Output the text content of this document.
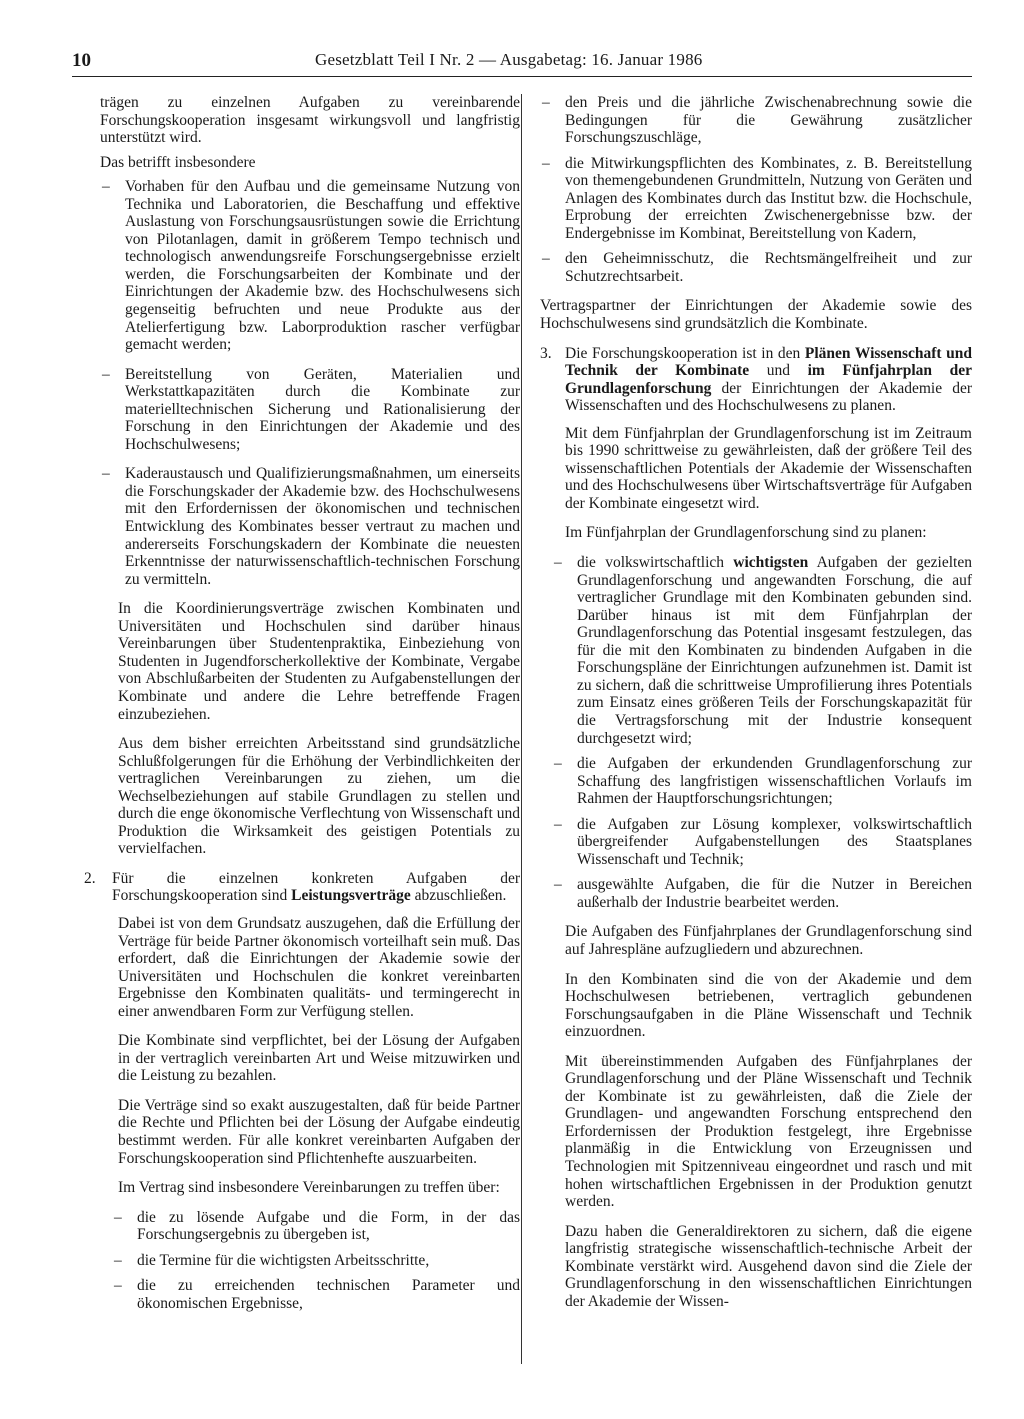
10	Gesetzblatt Teil I Nr. 2 — Ausgabetag: 16. Januar 1986

trägen zu einzelnen Aufgaben zu vereinbarende Forschungskooperation insgesamt wirkungsvoll und langfristig unterstützt wird.

Das betrifft insbesondere

– Vorhaben für den Aufbau und die gemeinsame Nutzung von Technika und Laboratorien, die Beschaffung und effektive Auslastung von Forschungsausrüstungen sowie die Errichtung von Pilotanlagen, damit in größerem Tempo technisch und technologisch anwendungsreife Forschungsergebnisse erzielt werden, die Forschungsarbeiten der Kombinate und der Einrichtungen der Akademie bzw. des Hochschulwesens sich gegenseitig befruchten und neue Produkte aus der Atelierfertigung bzw. Laborproduktion rascher verfügbar gemacht werden;
– Bereitstellung von Geräten, Materialien und Werkstattkapazitäten durch die Kombinate zur materielltechnischen Sicherung und Rationalisierung der Forschung in den Einrichtungen der Akademie und des Hochschulwesens;
– Kaderaustausch und Qualifizierungsmaßnahmen, um einerseits die Forschungskader der Akademie bzw. des Hochschulwesens mit den Erfordernissen der ökonomischen und technischen Entwicklung des Kombinates besser vertraut zu machen und andererseits Forschungskadern der Kombinate die neuesten Erkenntnisse der naturwissenschaftlich-technischen Forschung zu vermitteln.

In die Koordinierungsverträge zwischen Kombinaten und Universitäten und Hochschulen sind darüber hinaus Vereinbarungen über Studentenpraktika, Einbeziehung von Studenten in Jugendforscherkollektive der Kombinate, Vergabe von Abschlußarbeiten der Studenten zu Aufgabenstellungen der Kombinate und andere die Lehre betreffende Fragen einzubeziehen.

Aus dem bisher erreichten Arbeitsstand sind grundsätzliche Schlußfolgerungen für die Erhöhung der Verbindlichkeiten der vertraglichen Vereinbarungen zu ziehen, um die Wechselbeziehungen auf stabile Grundlagen zu stellen und durch die enge ökonomische Verflechtung von Wissenschaft und Produktion die Wirksamkeit des geistigen Potentials zu vervielfachen.

2. Für die einzelnen konkreten Aufgaben der Forschungskooperation sind Leistungsverträge abzuschließen.

Dabei ist von dem Grundsatz auszugehen, daß die Erfüllung der Verträge für beide Partner ökonomisch vorteilhaft sein muß. Das erfordert, daß die Einrichtungen der Akademie sowie der Universitäten und Hochschulen die konkret vereinbarten Ergebnisse den Kombinaten qualitäts- und termingerecht in einer anwendbaren Form zur Verfügung stellen.

Die Kombinate sind verpflichtet, bei der Lösung der Aufgaben in der vertraglich vereinbarten Art und Weise mitzuwirken und die Leistung zu bezahlen.

Die Verträge sind so exakt auszugestalten, daß für beide Partner die Rechte und Pflichten bei der Lösung der Aufgabe eindeutig bestimmt werden. Für alle konkret vereinbarten Aufgaben der Forschungskooperation sind Pflichtenhefte auszuarbeiten.

Im Vertrag sind insbesondere Vereinbarungen zu treffen über:

– die zu lösende Aufgabe und die Form, in der das Forschungsergebnis zu übergeben ist,
– die Termine für die wichtigsten Arbeitsschritte,
– die zu erreichenden technischen Parameter und ökonomischen Ergebnisse,
– den Preis und die jährliche Zwischenabrechnung sowie die Bedingungen für die Gewährung zusätzlicher Forschungszuschläge,
– die Mitwirkungspflichten des Kombinates, z. B. Bereitstellung von themengebundenen Grundmitteln, Nutzung von Geräten und Anlagen des Kombinates durch das Institut bzw. die Hochschule, Erprobung der erreichten Zwischenergebnisse bzw. der Endergebnisse im Kombinat, Bereitstellung von Kadern,
– den Geheimnisschutz, die Rechtsmängelfreiheit und zur Schutzrechtsarbeit.

Vertragspartner der Einrichtungen der Akademie sowie des Hochschulwesens sind grundsätzlich die Kombinate.

3. Die Forschungskooperation ist in den Plänen Wissenschaft und Technik der Kombinate und im Fünfjahrplan der Grundlagenforschung der Einrichtungen der Akademie der Wissenschaften und des Hochschulwesens zu planen.

Mit dem Fünfjahrplan der Grundlagenforschung ist im Zeitraum bis 1990 schrittweise zu gewährleisten, daß der größere Teil des wissenschaftlichen Potentials der Akademie der Wissenschaften und des Hochschulwesens über Wirtschaftsverträge für Aufgaben der Kombinate eingesetzt wird.

Im Fünfjahrplan der Grundlagenforschung sind zu planen:

– die volkswirtschaftlich wichtigsten Aufgaben der gezielten Grundlagenforschung und angewandten Forschung, die auf vertraglicher Grundlage mit den Kombinaten gebunden sind. Darüber hinaus ist mit dem Fünfjahrplan der Grundlagenforschung das Potential insgesamt festzulegen, das für die mit den Kombinaten zu bindenden Aufgaben in die Forschungspläne der Einrichtungen aufzunehmen ist. Damit ist zu sichern, daß die schrittweise Umprofilierung ihres Potentials zum Einsatz eines größeren Teils der Forschungskapazität für die Vertragsforschung mit der Industrie konsequent durchgesetzt wird;
– die Aufgaben der erkundenden Grundlagenforschung zur Schaffung des langfristigen wissenschaftlichen Vorlaufs im Rahmen der Hauptforschungsrichtungen;
– die Aufgaben zur Lösung komplexer, volkswirtschaftlich übergreifender Aufgabenstellungen des Staatsplanes Wissenschaft und Technik;
– ausgewählte Aufgaben, die für die Nutzer in Bereichen außerhalb der Industrie bearbeitet werden.

Die Aufgaben des Fünfjahrplanes der Grundlagenforschung sind auf Jahrespläne aufzugliedern und abzurechnen.

In den Kombinaten sind die von der Akademie und dem Hochschulwesen betriebenen, vertraglich gebundenen Forschungsaufgaben in die Pläne Wissenschaft und Technik einzuordnen.

Mit übereinstimmenden Aufgaben des Fünfjahrplanes der Grundlagenforschung und der Pläne Wissenschaft und Technik der Kombinate ist zu gewährleisten, daß die Ziele der Grundlagen- und angewandten Forschung entsprechend den Erfordernissen der Produktion festgelegt, ihre Ergebnisse planmäßig in die Entwicklung von Erzeugnissen und Technologien mit Spitzenniveau eingeordnet und rasch und mit hohen wirtschaftlichen Ergebnissen in der Produktion genutzt werden.

Dazu haben die Generaldirektoren zu sichern, daß die eigene langfristig strategische wissenschaftlich-technische Arbeit der Kombinate verstärkt wird. Ausgehend davon sind die Ziele der Grundlagenforschung in den wissenschaftlichen Einrichtungen der Akademie der Wissen-
